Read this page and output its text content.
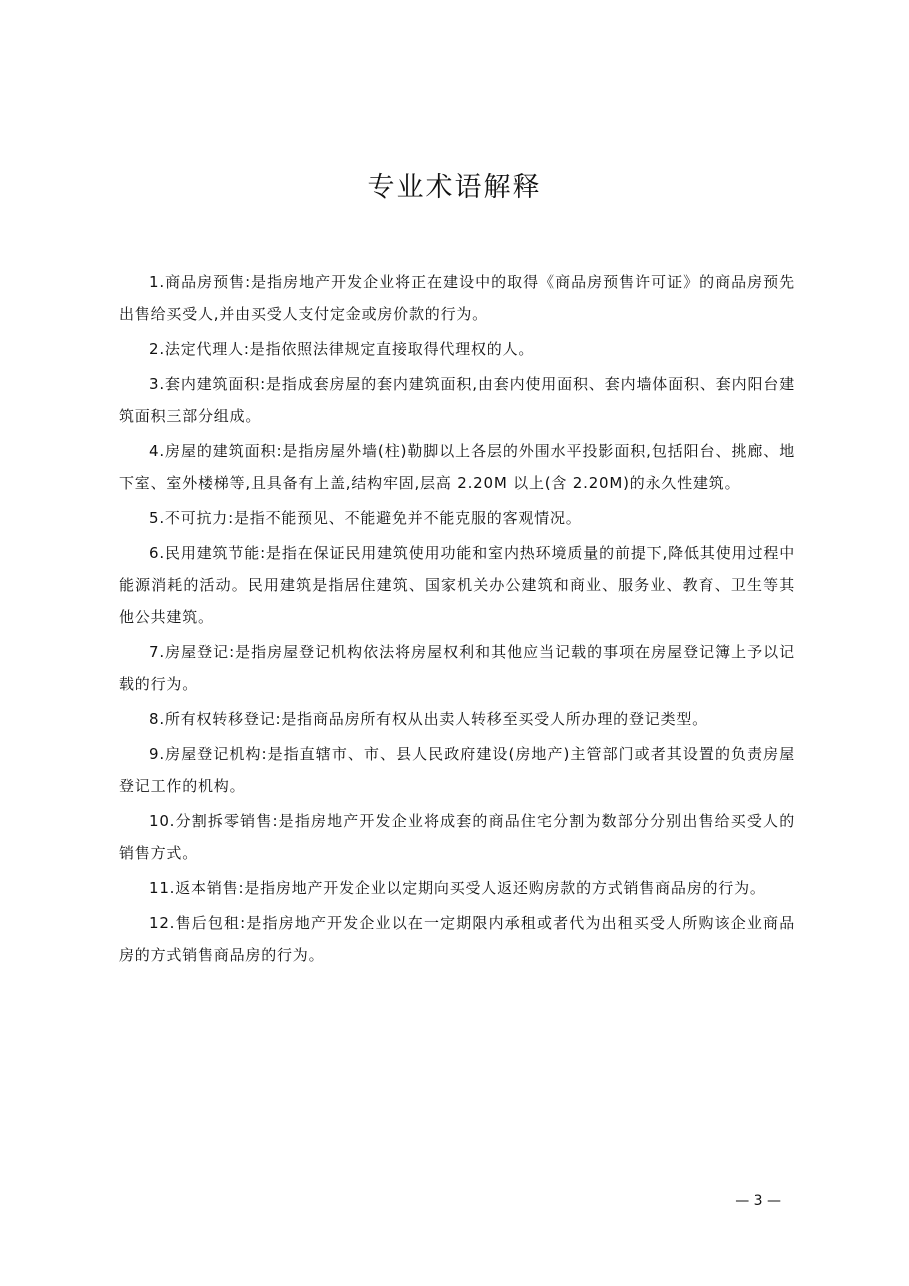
专业术语解释

1.商品房预售:是指房地产开发企业将正在建设中的取得《商品房预售许可证》的商品房预先出售给买受人,并由买受人支付定金或房价款的行为。

2.法定代理人:是指依照法律规定直接取得代理权的人。

3.套内建筑面积:是指成套房屋的套内建筑面积,由套内使用面积、套内墙体面积、套内阳台建筑面积三部分组成。

4.房屋的建筑面积:是指房屋外墙(柱)勒脚以上各层的外围水平投影面积,包括阳台、挑廊、地下室、室外楼梯等,且具备有上盖,结构牢固,层高 2.20M 以上(含 2.20M)的永久性建筑。

5.不可抗力:是指不能预见、不能避免并不能克服的客观情况。

6.民用建筑节能:是指在保证民用建筑使用功能和室内热环境质量的前提下,降低其使用过程中能源消耗的活动。民用建筑是指居住建筑、国家机关办公建筑和商业、服务业、教育、卫生等其他公共建筑。

7.房屋登记:是指房屋登记机构依法将房屋权利和其他应当记载的事项在房屋登记簿上予以记载的行为。

8.所有权转移登记:是指商品房所有权从出卖人转移至买受人所办理的登记类型。

9.房屋登记机构:是指直辖市、市、县人民政府建设(房地产)主管部门或者其设置的负责房屋登记工作的机构。

10.分割拆零销售:是指房地产开发企业将成套的商品住宅分割为数部分分别出售给买受人的销售方式。

11.返本销售:是指房地产开发企业以定期向买受人返还购房款的方式销售商品房的行为。

12.售后包租:是指房地产开发企业以在一定期限内承租或者代为出租买受人所购该企业商品房的方式销售商品房的行为。

— 3 —
